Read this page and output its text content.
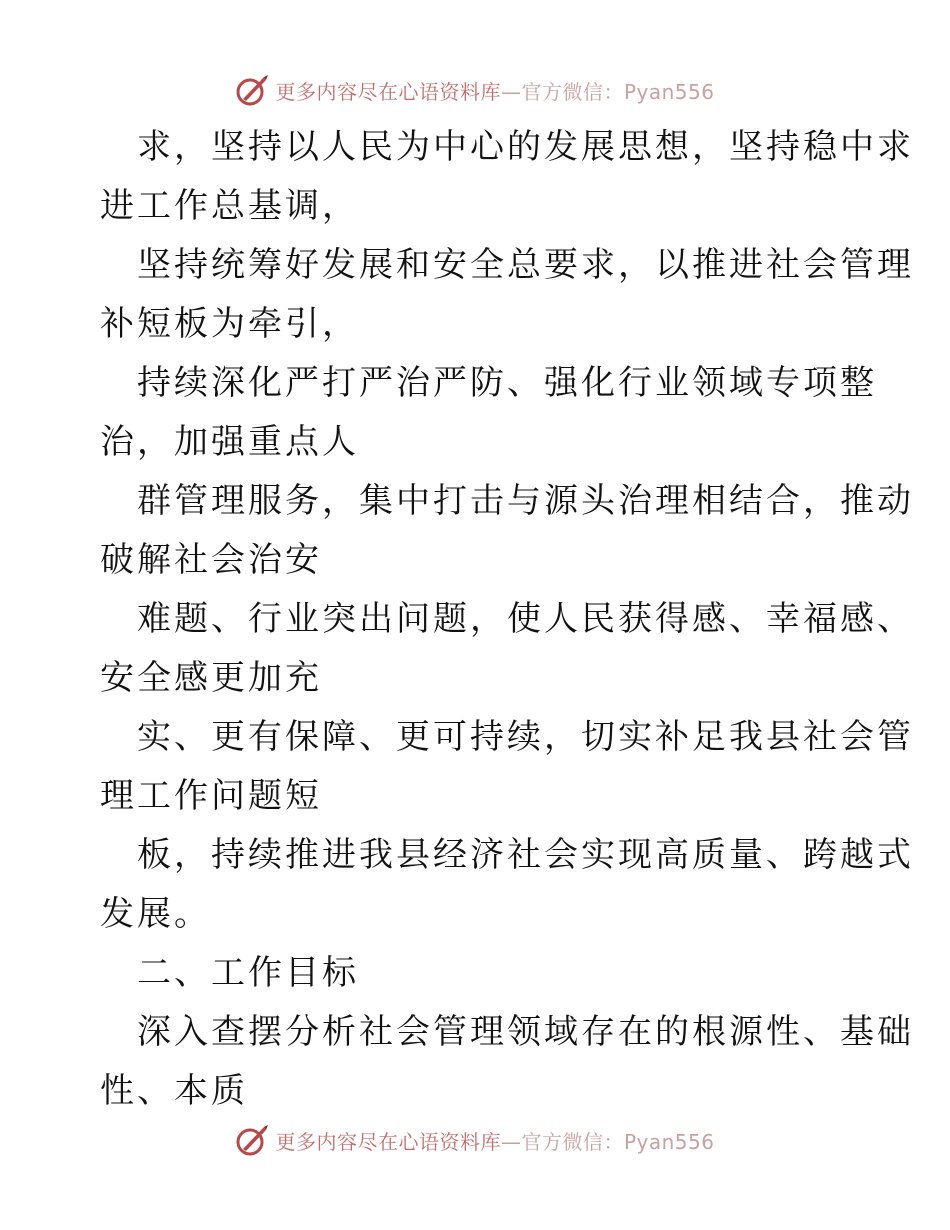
更多内容尽在心语资料库—官方微信：Pyan556
求，坚持以人民为中心的发展思想，坚持稳中求
进工作总基调，
坚持统筹好发展和安全总要求，以推进社会管理
补短板为牵引，
持续深化严打严治严防、强化行业领域专项整
治，加强重点人
群管理服务，集中打击与源头治理相结合，推动
破解社会治安
难题、行业突出问题，使人民获得感、幸福感、
安全感更加充
实、更有保障、更可持续，切实补足我县社会管
理工作问题短
板，持续推进我县经济社会实现高质量、跨越式
发展。
二、工作目标
深入查摆分析社会管理领域存在的根源性、基础
性、本质
更多内容尽在心语资料库—官方微信：Pyan556
